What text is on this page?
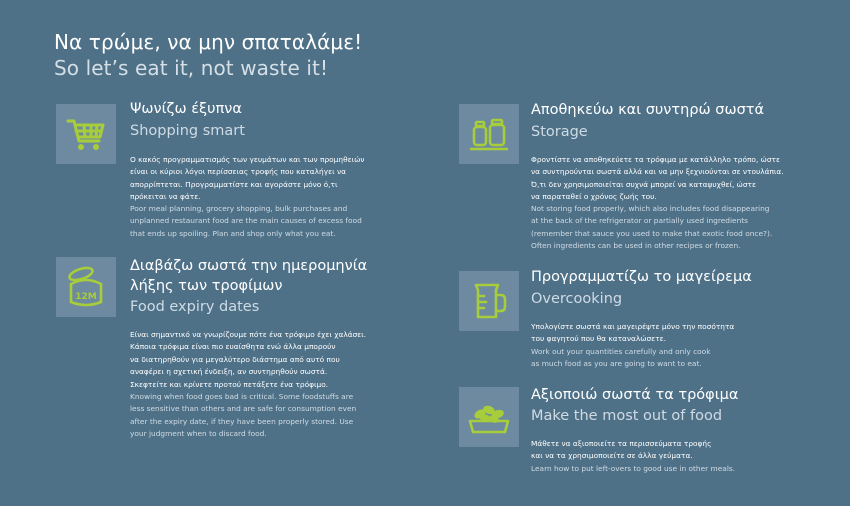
Να τρώμε, να μην σπαταλάμε!
So let’s eat it, not waste it!
Ψωνίζω έξυπνα
Shopping smart
Ο κακός προγραμματισμός των γευμάτων και των προμηθειών
είναι οι κύριοι λόγοι περίσσειας τροφής που καταλήγει να
απορρίπτεται. Προγραμματίστε και αγοράστε μόνο ό,τι
πρόκειται να φάτε.
Poor meal planning, grocery shopping, bulk purchases and
unplanned restaurant food are the main causes of excess food
that ends up spoiling. Plan and shop only what you eat.
12M
Διαβάζω σωστά την ημερομηνία
λήξης των τροφίμων
Food expiry dates
Είναι σημαντικό να γνωρίζουμε πότε ένα τρόφιμο έχει χαλάσει.
Κάποια τρόφιμα είναι πιο ευαίσθητα ενώ άλλα μπορούν
να διατηρηθούν για μεγαλύτερο διάστημα από αυτό που
αναφέρει η σχετική ένδειξη, αν συντηρηθούν σωστά.
Σκεφτείτε και κρίνετε προτού πετάξετε ένα τρόφιμο.
Knowing when food goes bad is critical. Some foodstuffs are
less sensitive than others and are safe for consumption even
after the expiry date, if they have been properly stored. Use
your judgment when to discard food.
Αποθηκεύω και συντηρώ σωστά
Storage
Φροντίστε να αποθηκεύετε τα τρόφιμα με κατάλληλο τρόπο, ώστε
να συντηρούνται σωστά αλλά και να μην ξεχνιούνται σε ντουλάπια.
Ό,τι δεν χρησιμοποιείται συχνά μπορεί να καταψυχθεί, ώστε
να παραταθεί ο χρόνος ζωής του.
Not storing food properly, which also includes food disappearing
at the back of the refrigerator or partially used ingredients
(remember that sauce you used to make that exotic food once?).
Often ingredients can be used in other recipes or frozen.
Προγραμματίζω το μαγείρεμα
Overcooking
Υπολογίστε σωστά και μαγειρέψτε μόνο την ποσότητα
του φαγητού που θα καταναλώσετε.
Work out your quantities carefully and only cook
as much food as you are going to want to eat.
Αξιοποιώ σωστά τα τρόφιμα
Make the most out of food
Μάθετε να αξιοποιείτε τα περισσεύματα τροφής
και να τα χρησιμοποιείτε σε άλλα γεύματα.
Learn how to put left-overs to good use in other meals.
